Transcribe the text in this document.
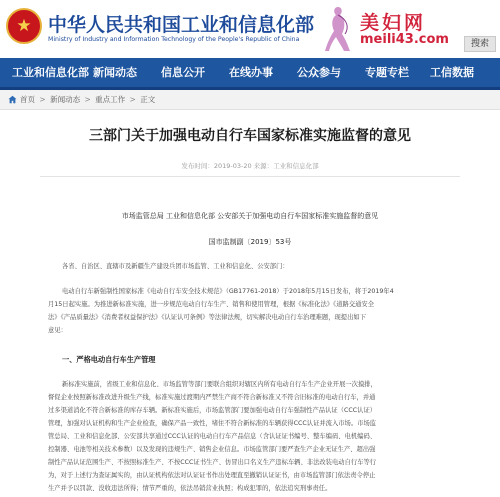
★ 中华人民共和国工业和信息化部
Ministry of Industry and Information Technology of the People's Republic of China
美妇网
meili43.com	搜索
工业和信息化部 新闻动态 信息公开 在线办事 公众参与 专题专栏 工信数据
首页 > 新闻动态 > 重点工作 > 正文
三部门关于加强电动自行车国家标准实施监督的意见
发布时间：2019-03-20 来源：工业和信息化部
市场监管总局 工业和信息化部 公安部关于加强电动自行车国家标准实施监督的意见
国市监制副〔2019〕53号
各省、自治区、直辖市及新疆生产建设兵团市场监管、工业和信息化、公安部门：
电动自行车新强制性国家标准《电动自行车安全技术规范》（GB17761-2018）于2018年5月15日发布，将于2019年4
月15日起实施。为推进新标准实施，进一步规范电动自行车生产、销售和使用管理，根据《标准化法》《道路交通安全
法》《产品质量法》《消费者权益保护法》《认证认可条例》等法律法规，切实解决电动自行车治理难题，现提出如下
意见：
一、严格电动自行车生产管理
新标准实施前，省级工业和信息化、市场监管等部门要联合组织对辖区内所有电动自行车生产企业开展一次摸排，
督促企业按照新标准改进升级生产线，标准实施过渡期内严禁生产商不符合新标准又不符合旧标准的电动自行车，并通
过多渠道消化不符合新标准的库存车辆。新标准实施后，市场监管部门要加强电动自行车强制性产品认证（CCC认证）
管理，加强对认证机构和生产企业检查，确保产品一致性，堵住不符合新标准的车辆获得CCC认证并流入市场。市场监
管总局、工业和信息化部、公安部共享通过CCC认证的电动自行车产品信息（含认证证书编号、整车编码、电机编码、
控制器、电池等相关技术参数）以及发现的违规生产、销售企业信息。市场监管部门要严查生产企业无证生产、超出强
制性产品认证范围生产、不按照标准生产、不按CCC证书生产、仿冒出口名义生产违标车辆、非法改装电动自行车等行
为，对于上述行为查证属实的，由认证机构依法对认证证书作出处理直至撤销认证证书，由市场监管部门依法责令停止
生产并予以罚款、没收违法所得；情节严重的，依法吊销营业执照；构成犯罪的，依法追究刑事责任。
